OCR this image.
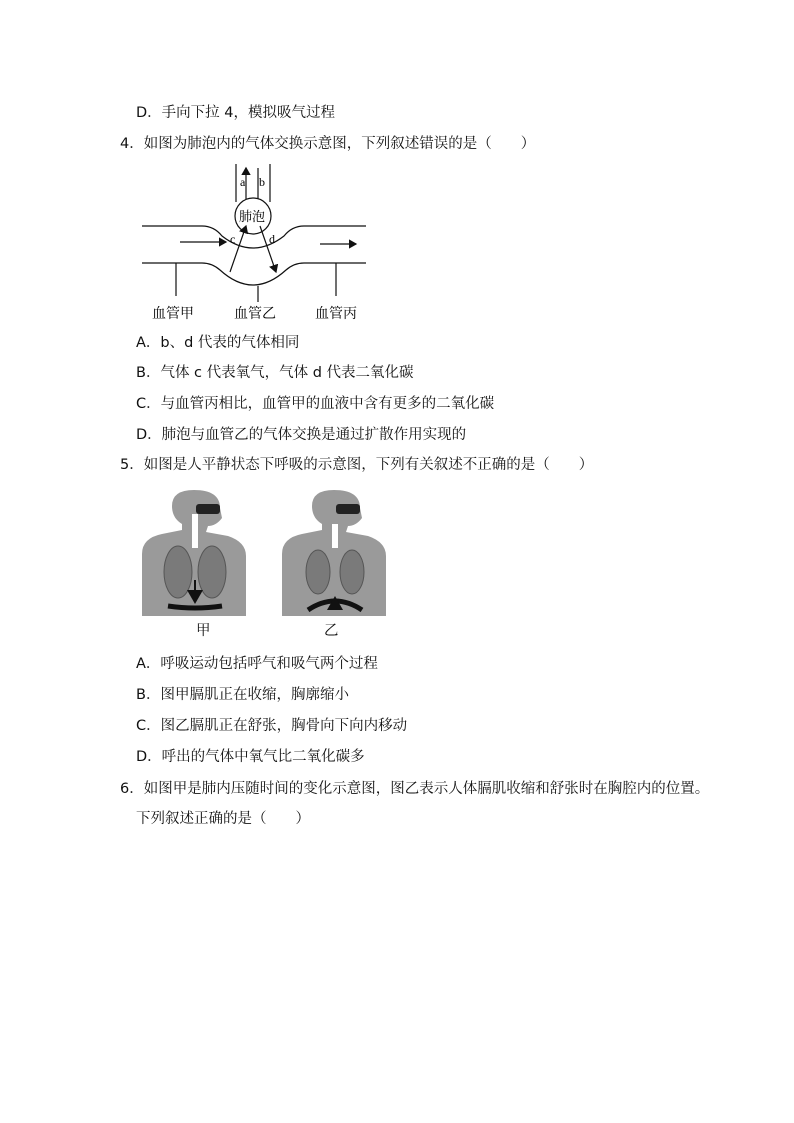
D．手向下拉 4，模拟吸气过程
4．如图为肺泡内的气体交换示意图，下列叙述错误的是（　　）
a b
肺泡
c	d
血管甲	血管乙	血管丙
A．b、d 代表的气体相同
B．气体 c 代表氧气，气体 d 代表二氧化碳
C．与血管丙相比，血管甲的血液中含有更多的二氧化碳
D．肺泡与血管乙的气体交换是通过扩散作用实现的
5．如图是人平静状态下呼吸的示意图，下列有关叙述不正确的是（　　）
甲	乙
A．呼吸运动包括呼气和吸气两个过程
B．图甲膈肌正在收缩，胸廓缩小
C．图乙膈肌正在舒张，胸骨向下向内移动
D．呼出的气体中氧气比二氧化碳多
6．如图甲是肺内压随时间的变化示意图，图乙表示人体膈肌收缩和舒张时在胸腔内的位置。
下列叙述正确的是（　　）
